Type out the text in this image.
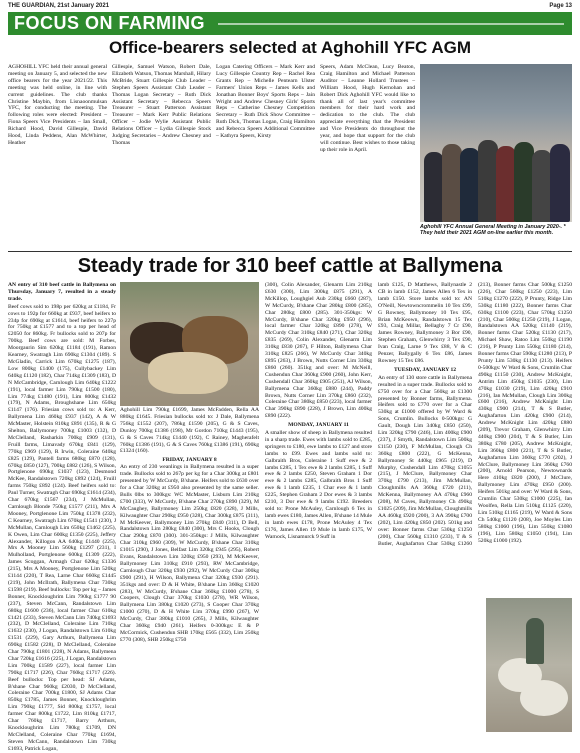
THE GUARDIAN, 21st January 2021	Page 13
FOCUS ON FARMING
Office-bearers selected at Aghohill YFC AGM

AGHOHILL YFC held their annual general meeting on January 5, and selected the new office bearers for the year 2021/22. This meeting was held online, in line with current guidelines. The club thanks Christine Maybin, from Lisnaoonmulsan YFC, for conducting the meeting. The following roles were elected: President – Fiona Speers Vice Presidents – Ian Small, Richard Hood, David Gillespie, David Hood, Linda Peddens, Alan McWhirter, Heather

Gillespie, Samuel Watson, Robert Dale, Elizabeth Watson, Thomas Marshall, Hilary McBride, Stuart Gillespie Club Leader – Stephen Speers Assistant Club Leader – Thomas Logan Secretary – Ruth Dick Assistant Secretary – Rebecca Speers Treasurer – Stuart Patterson Assistant Treasurer – Mark Kerr Public Relations Officer – Jodie Wylie Assistant Public Relations Officer – Lydia Gillespie Stock Judging Secretaries – Andrew Chesney and Thomas

Logan Catering Officers – Mark Kerr and Lucy Gillespie Country Rep – Rachel Rea Grants Rep – Michelle Pentearn Ulster Farmers' Union Reps – James Kells and Jonathan Bonner Boys' Sports Reps – Jain Wright and Andrew Chesney Girls' Sports Reps – Catherine Chesney Competition Secretary – Ruth Dick Show Committee – Ruth Dick, Thomas Logan, Craig Hamilton and Rebecca Speers Additional Committee – Kathyra Speers, Kirsty

Speers, Adam McClean, Lucy Beaton, Craig Hamilton and Michael Patterson Auditor – Leanne Hollard Trustees – William Hood, Hugh Kernohan and Robert Dick Aghohill YFC would like to thank all of last year's committee members for their hard work and dedication to the club. The club appreciate everything that the President and Vice Presidents do throughout the year, and hope that support for the club will continue. Best wishes to those taking up their role in April.

Aghohill YFC Annual General Meeting in January 2020-. * They held their 2021 AGM on-line earlier this month.
Steady trade for 310 beef cattle at Ballymena

AN entry of 310 beef cattle in Ballymena on Thursday, January 7, resulted in a steady trade.

Beef cows sold to 198p per 620kg at £1184, Fr cows to 192p for 660kg at £937, beef heifers to 234p for 690kg at £1614, beef heifers to 227p for 750kg at £1577 and to a top per head of £2050 for 860kg. Fr bullocks sold to 207p for 700kg. Beef cows are sold: M Forbes, Moorgaurin Sim 620kg £1184 (191), Ramon Kearney, Swatragh Lim 690kg £1304 (189). S McGladin, Carrick Lim 670kg £1275 (187), Low 800kg £1400 (175), Cullybackey Lim 640kg £1120 (182), Char 714kg £1309 (183), D N McCambridge, Carnlough Lim 640kg £1222 (191), local farmer Lim 790kg £1500 (180), Lim 774kg £1480 (191), Lim 800kg £1432 (179), N Adams, Broughshane Lim 650kg £1147 (176). Friesian cows sold to: A Kerr, Ballymena Lim 460kg £937 (142), A & W McMaster, Holstein 810kg £891 (135), R & G Shelton, Ballymoney 700kg £1003 (132), D McClelland, Rasharkin 700kg £909 (131), Fruill farms, Limavady 670kg £841 (129), 770kg £969 (129), R Irwin, Coleraine 640kg £825 (129), Pantell farms 680kg £870 (128), 670kg £850 (127), 700kg £882 (126), S Wilson, Portglenone 690kg £1037 (123), Desmond McKee, Randalstown 720kg £892 (124), Fruill farms 750kg £892 (124). Beef heifers sold to: Paul Turner, Swatragh Char 690kg £1614 (234), Char 670kg £1567 (234), J McMullan, Carnlough Blonde 750kg £1577 (211), Mrs A Mooney, Portglenone Lim 750kg £1378 (232), C Kearney, Swatragh Lim 670kg £1541 (230), J McMullan, Carnlough Lim 650kg £1462 (225), K Owen, Lim Char 600kg £1350 (225), Jeffery Alexander, Killogon AA 640kg £1440 (225), Mrs A Mooney Lim 560kg £1297 (231), I Mulholland, Portglenone 600kg £1309 (222), James Scoggan, Armagh Char 620kg £1336 (215), Mrs A Mooney, Portglenone Lim 520kg £1144 (220), T Rea, Larne Char 660kg £1445 (219), John McIlrath, Ballymena Char 730kg £1598 (219). Beef bullocks: Top per kg – James Bonner, Knockloughrim Lim 790kg £1777 90 (237), Steven McCann, Randalstown Lim 680kg £1600 (236), local farmer Char 610kg £1421 (233), Steven McCann Lim 740kg £1693 (232), D McClelland, Coleraine Lim 710kg £1632 (230), J Logan, Randalstown Lim 610kg £1531 (229), Gary Arthurs, Ballymena Lim 690kg £1582 (228), D McClelland, Coleraine Char 790kg £1801 (228), N Adams, Ballymena Char 720kg £1616 (225), J Logan, Randalstown Lim 700kg £1589 (227), local farmer Lim 790kg £1717 (226), Char 760kg £1717 (226). Beef bullocks: Top per head: SJ Adams, B'shane Char 960kg £2030, D McClelland, Coleraine Char 700kg £1800, SJ Adams Char 850kg £1785, James Bonner, Knockloughrim Lim 790kg £1777, Sid 800kg £1757, local farmer Char 800kg £1722, Lim 810kg £1717, Char 760kg £1717, Barry Arthurs, Knockloughrim Lim 780kg £1709, DN McClelland, Coleraine Char 770kg £1694, Steven McCann, Randalstown Lim 730kg £1693, Patrick Logan,

Aghohill Lim 790kg £1699, James McFadden, Rella AA 880kg £1645. Friesian bullocks sold to: J Dale, Ballymena 756kg £1552 (207), 786kg £1590 (205), G & S Caves, Dunloy 700kg £1386 (198), Mr Gordon 710kg £1443 (195), G & S Caves 714kg £1440 (192), C Rainey, Magherafelt 760kg £1386 (191), G & S Caves 760kg £1386 (191), 690kg £1324 (160).

FRIDAY, JANUARY 8

An entry of 230 weanlings in Ballymena resulted in a super trade. Bullocks sold to 267p per kg for a Char 300kg at £801 presented by W McCurdy, B'shane. Heifers sold to £630 over for a Char 320kg at £950 also presented by the same seller. Bulls 0lbs to 300kgs: WC McMaster, Lisburn Lim 210kg £700 (333), W McCurdy, B'shane Char 270kg £890 (329), M McCaughey, Ballymoney Lim 250kg £820 (328), J Mills, Kilwaughter Char 290kg £950 (328), Char 300kg £875 (311), M McKeever, Ballymoney Lim 270kg £840 (311), D Bell, Randalstown Lim 280kg £840 (300), Mrs C Hooks, Clough Char 290kg £870 (300). 301-350kgs: J Mills, Kilwaughter Char 310kg £960 (309), W McCurdy, B'shane Char 310kg £1015 (290), J Jones, Belfast Lim 320kg £945 (295), Robert Evans, Randalstown Lim 320kg £950 (293), M McKeever, Ballymoney Lim 310kg £910 (293), RW McCambridge, Carnlough Char 320kg £930 (292), W McCurdy Char 300kg £900 (291), H Wilson, Ballymena Char 320kg £930 (291). 351kgs and over: D & H White, B'shane Lim 360kg £1020 (283), W McCurdy, B'shane Char 360kg £1000 (278), S Coopers, Clough Char 370kg £1030 (278), WR Wilson, Ballymena Lim 380kg £1020 (273), S Cooper Char 370kg £1000 (270), D & H White Lim 370kg £990 (267), W McCurdy, Char 380kg £1010 (265), J Mills, Kilwaughter Char 360kg £940 (261). Heifers 0-300kgs: E & P McCormick, Cushendun SHB 170kg £565 (332), Lim 250kg £770 (308), SHB 250kg £750

(300), Colin Alexander, Glenarm Lim 210kg £630 (300), Lim 300kg £875 (291), A McKillop, Loughgiel Aub 230kg £660 (287), W McCurdy, B'shane Char 280kg £800 (285), Char 280kg £800 (285). 301-350kgs: W McCurdy, B'shane Char 320kg £950 (296), local farmer Char 320kg £890 (278), W McCurdy Char 310kg £840 (271), Char 320kg £835 (269), Colin Alexander, Glenarm Lim 310kg £830 (267), F Hilton, Ballymena Char 310kg £825 (266), W McCurdy Char 340kg £895 (263), J Brown, Nutts Corner Lim 330kg £860 (260). 351kg and over: M McNeill, Cushendun Char 360kg £900 (260), John Kerr, Cushendall Char 360kg £905 (251), AJ Wilson, Ballymena Char 360kg £880 (244), Paddy Brown, Nutts Corner Lim 370kg £860 (232), Coleraine Char 380kg £850 (223), local farmer Char 390kg £890 (228), J Brown, Lim 400kg £890 (222).

MONDAY, JANUARY 11

A smaller show of sheep in Ballymena resulted in a sharp trade. Ewes with lambs sold to £285, springers to £180, ewe lambs to £127 and store lambs to £99. Ewes and lambs sold to: Galbraith Bros, Coleraine 1 Suff ewe & 2 lambs £285, 1 Tex ewe & 2 lambs £285, 1 Suff ewe & 2 lambs £250, Steven Graham 1 Dor ewe & 2 lambs £285, Galbraith Bros 1 Suff ewe & 1 lamb £235, 1 Char ewe & 1 lamb £225, Stephen Graham 2 Dor ewes & 3 lambs £210, 3 Dor ewe & 9 lambs £192. Breeders sold to: Prone McAuley, Carnlough 6 Tex in lamb ewes £180, James Allen, B'shane 14 Mule in lamb ewes £178, Prone McAuley 4 Tex £176, James Allen 19 Mule in lamb £175, W Warnock, Lisnamurck 9 Suff in

lamb £125, D Matthews, Ballynastle 2 CB in lamb £152, James Allen 6 Tex in lamb £150. Store lambs sold to: AN O'Neill, Newtowncrommelin 10 Tex £99, G Rowney, Ballymoney 10 Tex £95, Brian McKeown, Randalstown 15 Tex £93, Craig Millar, Bellaghy 7 Cr £90, James Rowney, Ballymoney 3 Bor £90, Stephen Graham, Glenwhirry 3 Tex £90, Ivan Craig, Larne 9 Tex £88, V & C Penzer, Ballygally 6 Tex £86, James Rowney 15 Tex £86.

TUESDAY, JANUARY 12

An entry of 130 store cattle in Ballymena resulted in a super trade. Bullocks sold to £750 over for a Char 560kg at £1300 presented by Bonner farms, Ballymena. Heifers sold to £770 over for a Char 530kg at £1000 offered by W Ward & Sons, Crumlin. Bullocks 0-500kgs: G Gault, Dough Lim 340kg £850 (250), Lim 320kg £790 (246), Lim 400kg £900 (237), J Smyth, Randalstown Lim 500kg £1150 (230), F McMullan, Clough Ch 360kg £800 (222), G McKenna, Ballymoney St 440kg £965 (219), D Murphy, Cushendall Lim 470kg £1055 (215), J McClure, Ballymoney Char 370kg £790 (213), Jim McMullan, Cloughmills AA 360kg £720 (211), McKenna, Ballymoney AA 470kg £960 (208), M Caves, Ballymoney Ch 490kg £1025 (209), Jim McMullan, Cloughmills AA 460kg £920 (200), 3 AA 390kg £700 (202), Lim 420kg £850 (202). 501kg and over: Bonner farms Char 530kg £1250 (200), Char 560kg £1310 (233), T & S Butler, Aughafarton Char 530kg £1260 (213), Bonner farms Char 500kg £1250 (226), Char 560kg £1250 (223), Lim 510kg £1270 (222), P Prunty, Ridge Lim 530kg £1180 (222), Bonner farms Char 630kg £1100 (223), Char 570kg £1250 (210), Char 500kg £1250 (219), J Logan, Randalstown AA 520kg £1140 (219), Bonner farms Char 520kg £1130 (217), Michael Shaw, Ratoo Lim 550kg £1190 (216), P Prunty Lim 550kg £1180 (214), Bonner farms Char 590kg £1280 (213), P Prunty Lim 530kg £1130 (213). Heifers 0-500kgs: W Ward & Sons, Crumlin Char 490kg £1150 (230), Andrew McKnight, Antrim Lim 450kg £1035 (230), Lim 470kg £1030 (219), Lim 420kg £910 (216), Ian McMullan, Clough Lim 300kg £600 (216), Andrew McKnight Lim 430kg £900 (214), T & S Butler, Aughafarton Lim 420kg £900 (214), Andrew McKnight Lim 420kg £880 (209), Trevor Graham, Glenwhirry Lim 440kg £900 (204), T & S Butler, Lim 380kg £780 (205), Andrew McKnight, Lim 360kg £800 (221), T & S Butler, Aughafarton Lim 360kg £770 (202), J McClure, Ballymoney Lim 360kg £760 (200), Arnold Pearson, Newtownards Here 410kg £820 (200), J McClure, Ballymoney Lim 470kg £950 (200). Heifers 501kg and over: W Ward & Sons, Crumlin Char 530kg £1000 (225), Ian Woolfen, Rella Lim 510kg £1125 (220), Lim 510kg £1165 (219), W Ward & Sons Ch 540kg £1120 (208), Joe Moyles Lim 580kg £1060 (196), Lim 550kg £1080 (196), Lim 580kg £1050 (194), Lim 520kg £1000 (192).
